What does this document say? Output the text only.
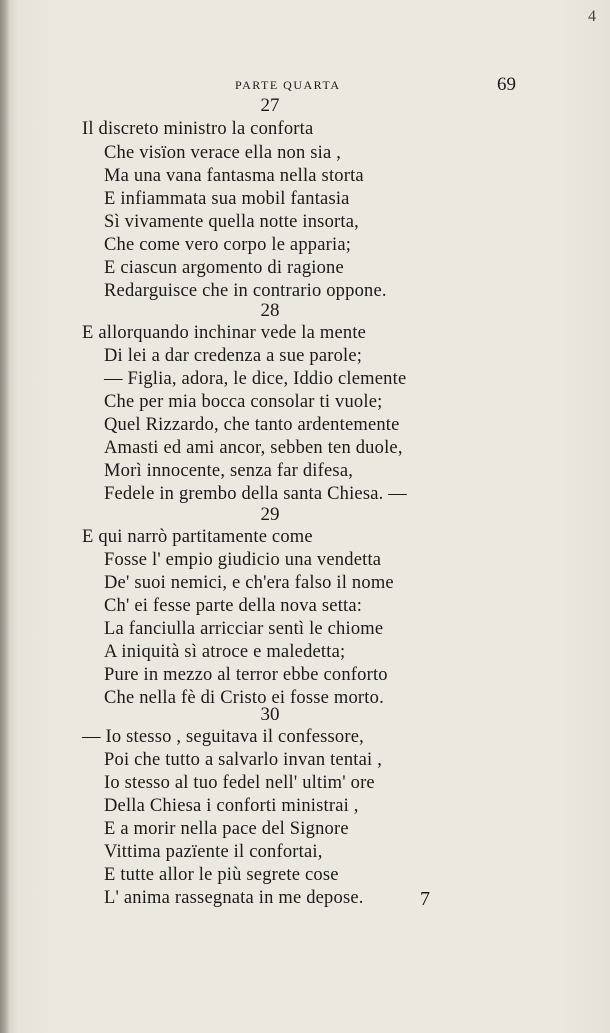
4
PARTE QUARTA	69
27
Il discreto ministro la conforta
Che visïon verace ella non sia ,
Ma una vana fantasma nella storta
E infiammata sua mobil fantasia
Sì vivamente quella notte insorta,
Che come vero corpo le apparia;
E ciascun argomento di ragione
Redarguisce che in contrario oppone.
28
E allorquando inchinar vede la mente
Di lei a dar credenza a sue parole;
— Figlia, adora, le dice, Iddio clemente
Che per mia bocca consolar ti vuole;
Quel Rizzardo, che tanto ardentemente
Amasti ed ami ancor, sebben ten duole,
Morì innocente, senza far difesa,
Fedele in grembo della santa Chiesa. —
29
E qui narrò partitamente come
Fosse l' empio giudicio una vendetta
De' suoi nemici, e ch'era falso il nome
Ch' ei fesse parte della nova setta:
La fanciulla arricciar sentì le chiome
A iniquità sì atroce e maledetta;
Pure in mezzo al terror ebbe conforto
Che nella fè di Cristo ei fosse morto.
30
— Io stesso , seguitava il confessore,
Poi che tutto a salvarlo invan tentai ,
Io stesso al tuo fedel nell' ultim' ore
Della Chiesa i conforti ministrai ,
E a morir nella pace del Signore
Vittima pazïente il confortai,
E tutte allor le più segrete cose
L' anima rassegnata in me depose.	7
